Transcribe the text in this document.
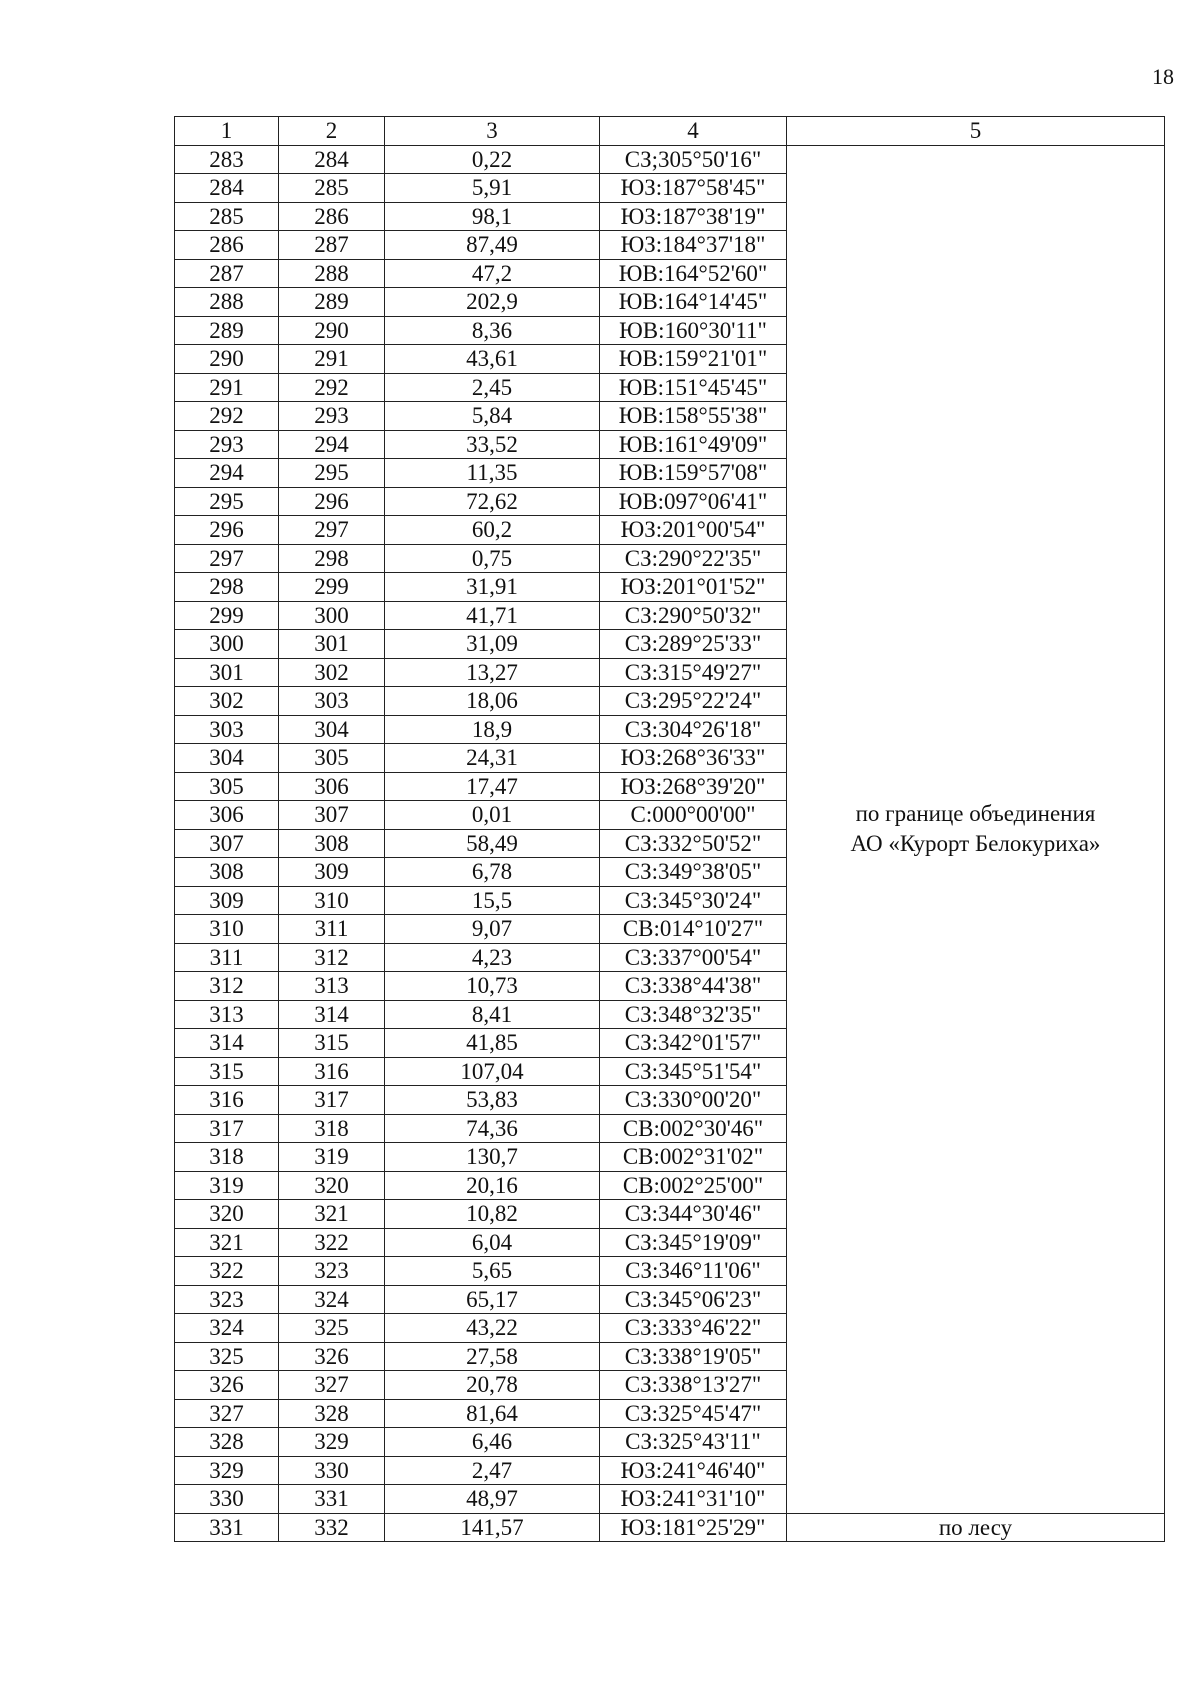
18
1	2	3	4	5
283	284	0,22	СЗ;305°50'16"	по границе объединения
АО «Курорт Белокуриха»

284	285	5,91	ЮЗ:187°58'45"	
285	286	98,1	ЮЗ:187°38'19"	
286	287	87,49	ЮЗ:184°37'18"	
287	288	47,2	ЮВ:164°52'60"	
288	289	202,9	ЮВ:164°14'45"	
289	290	8,36	ЮВ:160°30'11"	
290	291	43,61	ЮВ:159°21'01"	
291	292	2,45	ЮВ:151°45'45"	
292	293	5,84	ЮВ:158°55'38"	
293	294	33,52	ЮВ:161°49'09"	
294	295	11,35	ЮВ:159°57'08"	
295	296	72,62	ЮВ:097°06'41"	
296	297	60,2	ЮЗ:201°00'54"	
297	298	0,75	СЗ:290°22'35"	
298	299	31,91	ЮЗ:201°01'52"	
299	300	41,71	СЗ:290°50'32"	
300	301	31,09	СЗ:289°25'33"	
301	302	13,27	СЗ:315°49'27"	
302	303	18,06	СЗ:295°22'24"	
303	304	18,9	СЗ:304°26'18"	
304	305	24,31	ЮЗ:268°36'33"	
305	306	17,47	ЮЗ:268°39'20"	
306	307	0,01	С:000°00'00"	
307	308	58,49	СЗ:332°50'52"	
308	309	6,78	СЗ:349°38'05"	
309	310	15,5	СЗ:345°30'24"	
310	311	9,07	СВ:014°10'27"	
311	312	4,23	СЗ:337°00'54"	
312	313	10,73	СЗ:338°44'38"	
313	314	8,41	СЗ:348°32'35"	
314	315	41,85	СЗ:342°01'57"	
315	316	107,04	СЗ:345°51'54"	
316	317	53,83	СЗ:330°00'20"	
317	318	74,36	СВ:002°30'46"	
318	319	130,7	СВ:002°31'02"	
319	320	20,16	СВ:002°25'00"	
320	321	10,82	СЗ:344°30'46"	
321	322	6,04	СЗ:345°19'09"	
322	323	5,65	СЗ:346°11'06"	
323	324	65,17	СЗ:345°06'23"	
324	325	43,22	СЗ:333°46'22"	
325	326	27,58	СЗ:338°19'05"	
326	327	20,78	СЗ:338°13'27"	
327	328	81,64	СЗ:325°45'47"	
328	329	6,46	СЗ:325°43'11"	
329	330	2,47	ЮЗ:241°46'40"	
330	331	48,97	ЮЗ:241°31'10"	
331	332	141,57	ЮЗ:181°25'29"	по лесу
